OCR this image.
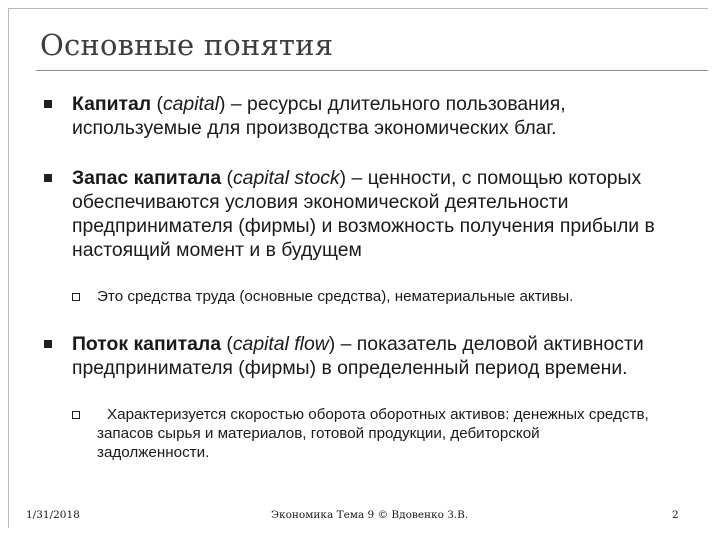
Основные понятия
Капитал (capital) – ресурсы длительного пользования, используемые для производства экономических благ.
Запас капитала (capital stock) – ценности, с помощью которых обеспечиваются условия экономической деятельности предпринимателя (фирмы) и возможность получения прибыли в настоящий момент и в будущем
Это средства труда (основные средства), нематериальные активы.
Поток капитала (capital flow) – показатель деловой активности предпринимателя (фирмы) в определенный период времени.
Характеризуется скоростью оборота оборотных активов: денежных средств, запасов сырья и материалов, готовой продукции, дебиторской задолженности.
1/31/2018	Экономика Тема 9 © Вдовенко З.В.	2
